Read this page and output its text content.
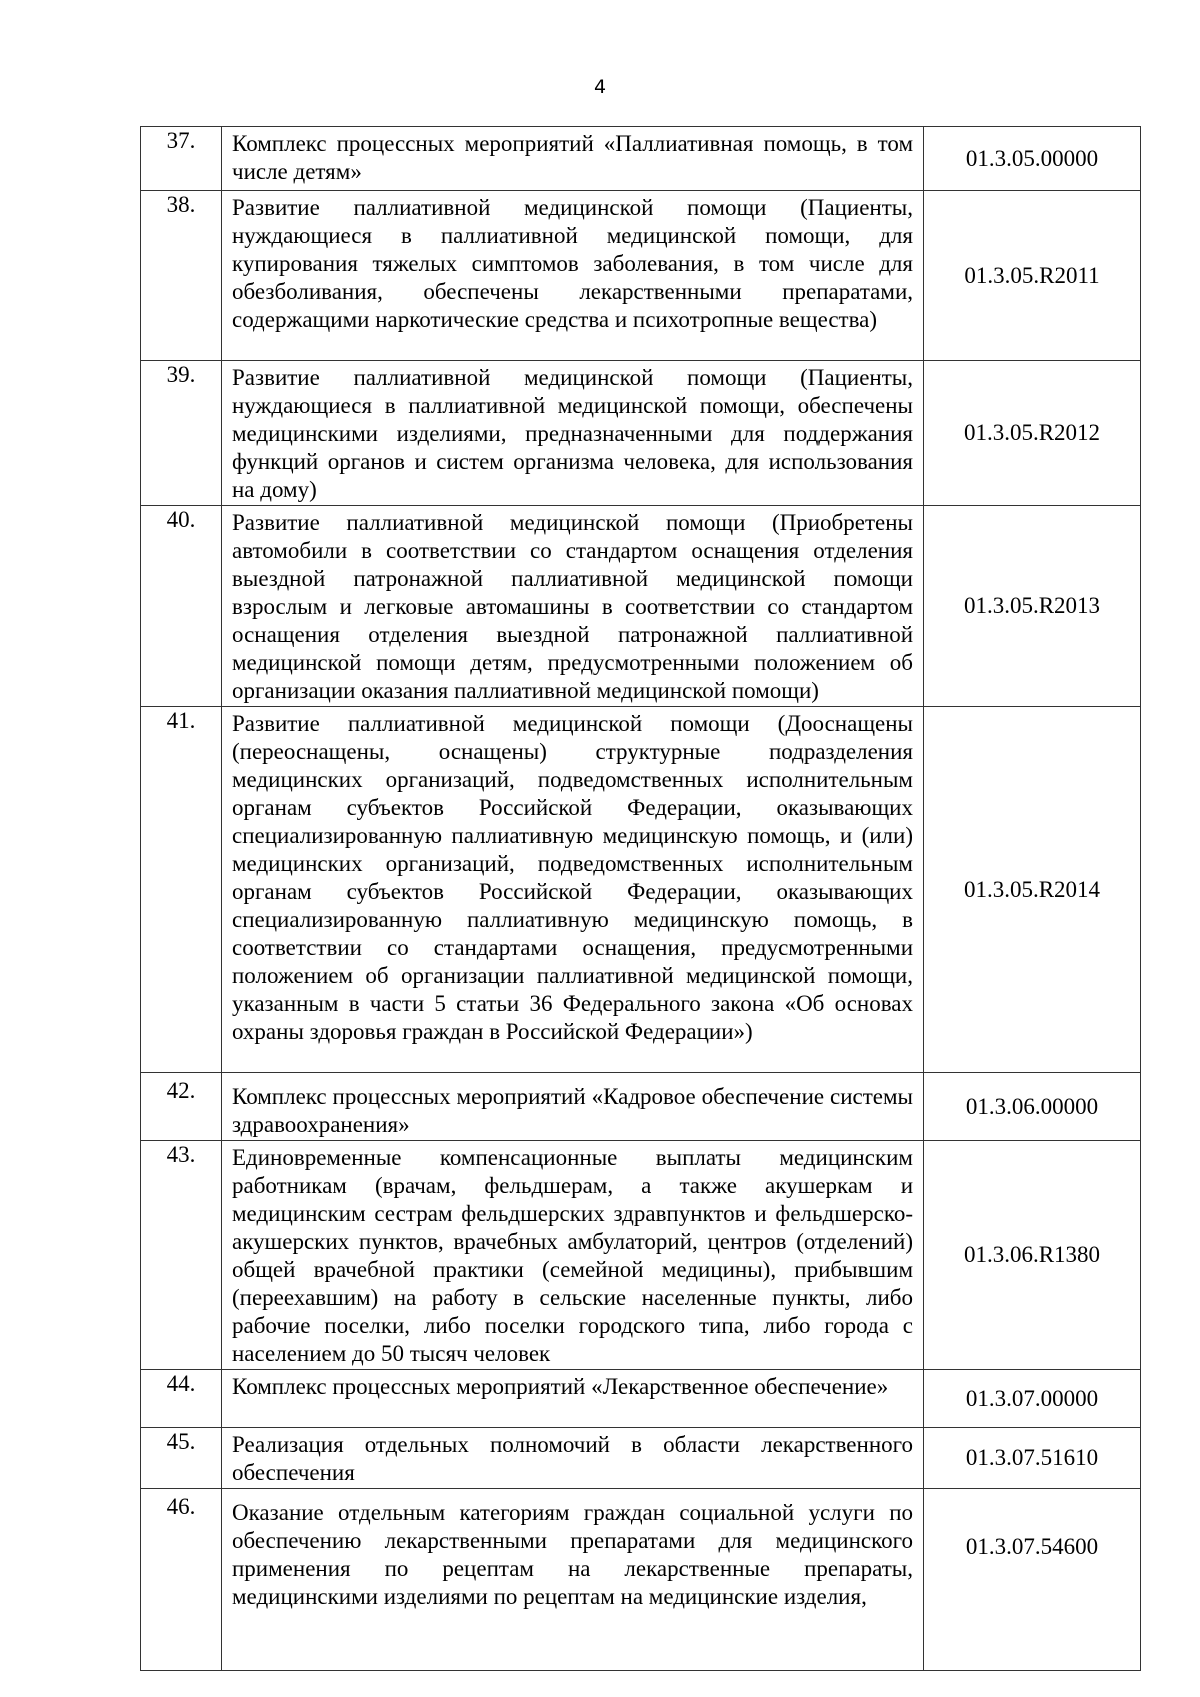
4
37.	Комплекс процессных мероприятий «Паллиативная помощь, в том числе детям»	01.3.05.00000
38.	Развитие паллиативной медицинской помощи (Пациенты, нуждающиеся в паллиативной медицинской помощи, для купирования тяжелых симптомов заболевания, в том числе для обезболивания, обеспечены лекарственными препаратами, содержащими наркотические средства и психотропные вещества)	01.3.05.R2011
39.	Развитие паллиативной медицинской помощи (Пациенты, нуждающиеся в паллиативной медицинской помощи, обеспечены медицинскими изделиями, предназначенными для поддержания функций органов и систем организма человека, для использования на дому)	01.3.05.R2012
40.	Развитие паллиативной медицинской помощи (Приобретены автомобили в соответствии со стандартом оснащения отделения выездной патронажной паллиативной медицинской помощи взрослым и легковые автомашины в соответствии со стандартом оснащения отделения выездной патронажной паллиативной медицинской помощи детям, предусмотренными положением об организации оказания паллиативной медицинской помощи)	01.3.05.R2013
41.	Развитие паллиативной медицинской помощи (Дооснащены (переоснащены, оснащены) структурные подразделения медицинских организаций, подведомственных исполнительным органам субъектов Российской Федерации, оказывающих специализированную паллиативную медицинскую помощь, и (или) медицинских организаций, подведомственных исполнительным органам субъектов Российской Федерации, оказывающих специализированную паллиативную медицинскую помощь, в соответствии со стандартами оснащения, предусмотренными положением об организации паллиативной медицинской помощи, указанным в части 5 статьи 36 Федерального закона «Об основах охраны здоровья граждан в Российской Федерации»)	01.3.05.R2014
42.	Комплекс процессных мероприятий «Кадровое обеспечение системы здравоохранения»	01.3.06.00000
43.	Единовременные компенсационные выплаты медицинским работникам (врачам, фельдшерам, а также акушеркам и медицинским сестрам фельдшерских здравпунктов и фельдшерско-акушерских пунктов, врачебных амбулаторий, центров (отделений) общей врачебной практики (семейной медицины), прибывшим (переехавшим) на работу в сельские населенные пункты, либо рабочие поселки, либо поселки городского типа, либо города с населением до 50 тысяч человек	01.3.06.R1380
44.	Комплекс процессных мероприятий «Лекарственное обеспечение»	01.3.07.00000
45.	Реализация отдельных полномочий в области лекарственного обеспечения	01.3.07.51610
46.	Оказание отдельным категориям граждан социальной услуги по обеспечению лекарственными препаратами для медицинского применения по рецептам на лекарственные препараты, медицинскими изделиями по рецептам на медицинские изделия,	01.3.07.54600
